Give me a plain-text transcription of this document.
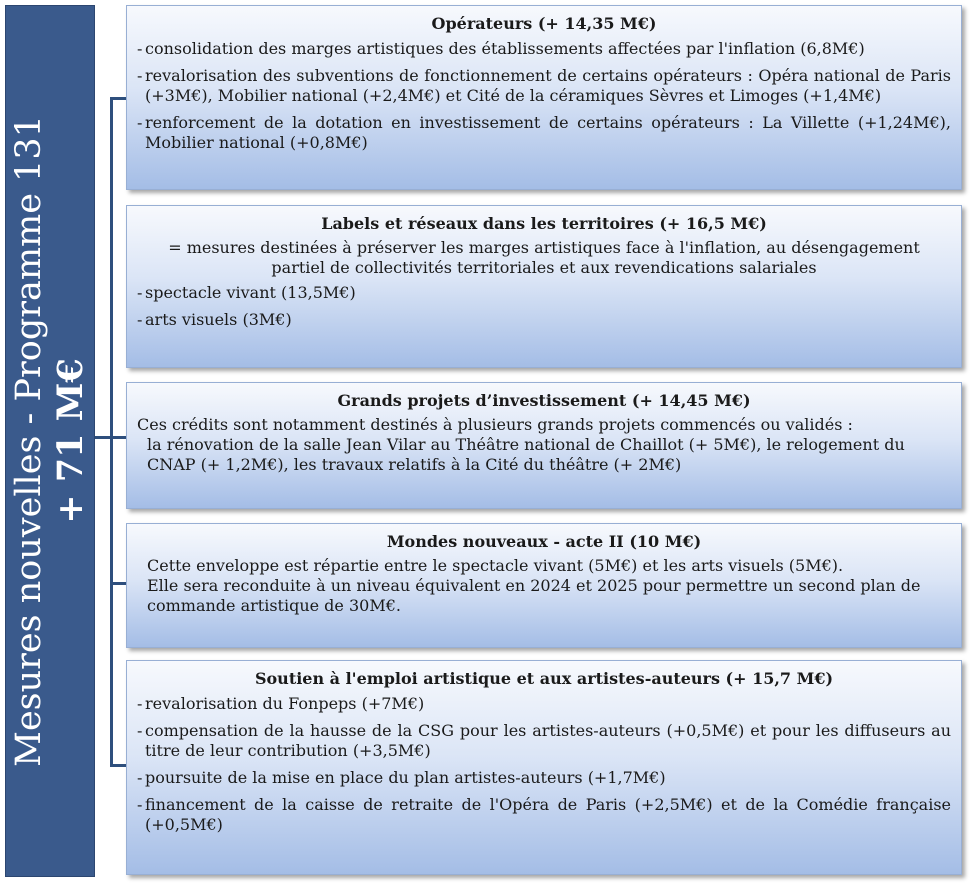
Mesures nouvelles - Programme 131 + 71 M€
Opérateurs (+ 14,35 M€)
- consolidation des marges artistiques des établissements affectées par l'inflation (6,8M€)
- revalorisation des subventions de fonctionnement de certains opérateurs : Opéra national de Paris (+3M€), Mobilier national (+2,4M€) et Cité de la céramiques Sèvres et Limoges (+1,4M€)
- renforcement de la dotation en investissement de certains opérateurs : La Villette (+1,24M€), Mobilier national (+0,8M€)
Labels et réseaux dans les territoires (+ 16,5 M€)
= mesures destinées à préserver les marges artistiques face à l'inflation, au désengagement partiel de collectivités territoriales et aux revendications salariales
- spectacle vivant (13,5M€)
- arts visuels (3M€)
Grands projets d’investissement (+ 14,45 M€)
Ces crédits sont notamment destinés à plusieurs grands projets commencés ou validés :
la rénovation de la salle Jean Vilar au Théâtre national de Chaillot (+ 5M€), le relogement du CNAP (+ 1,2M€), les travaux relatifs à la Cité du théâtre (+ 2M€)
Mondes nouveaux - acte II (10 M€)
Cette enveloppe est répartie entre le spectacle vivant (5M€) et les arts visuels (5M€).
Elle sera reconduite à un niveau équivalent en 2024 et 2025 pour permettre un second plan de commande artistique de 30M€.
Soutien à l'emploi artistique et aux artistes-auteurs (+ 15,7 M€)
- revalorisation du Fonpeps (+7M€)
- compensation de la hausse de la CSG pour les artistes-auteurs (+0,5M€) et pour les diffuseurs au titre de leur contribution (+3,5M€)
- poursuite de la mise en place du plan artistes-auteurs (+1,7M€)
- financement de la caisse de retraite de l'Opéra de Paris (+2,5M€) et de la Comédie française (+0,5M€)
